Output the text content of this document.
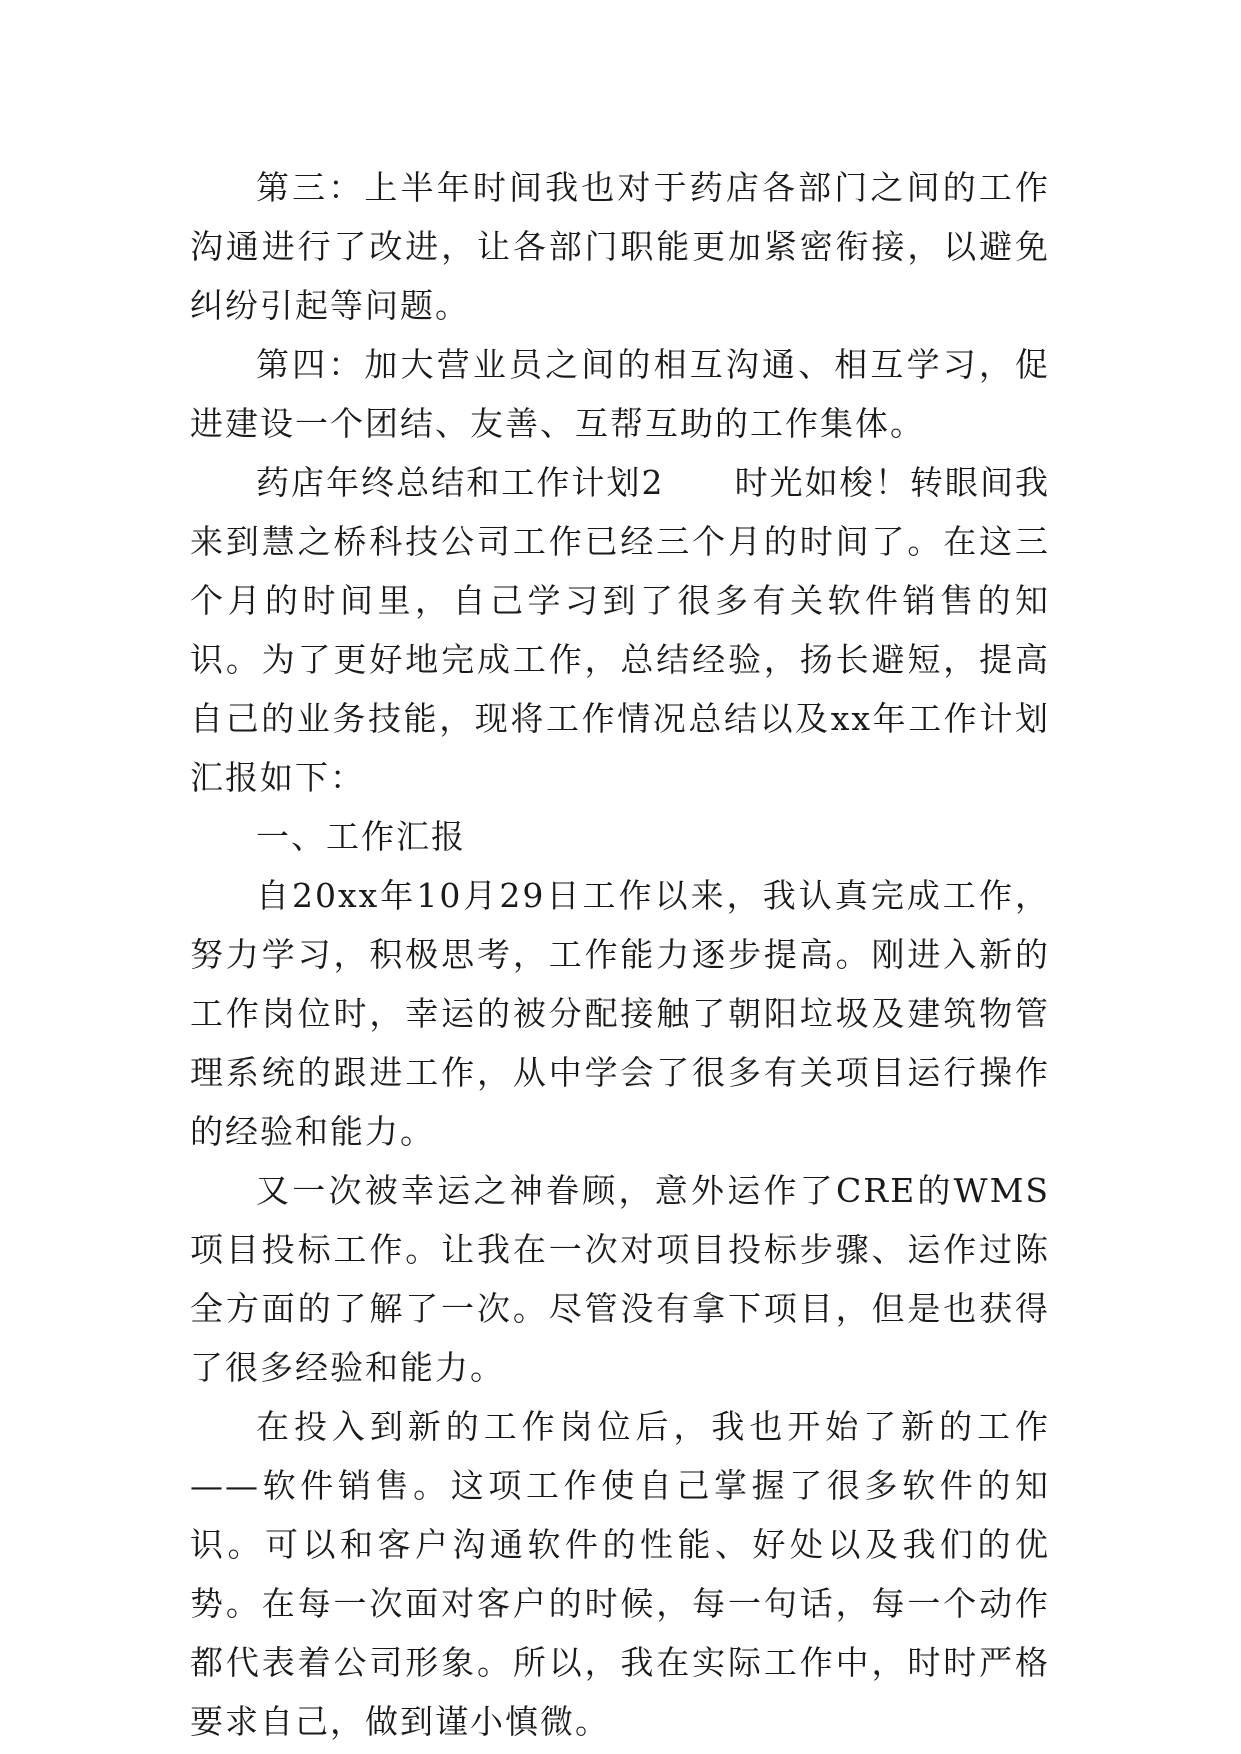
第三：上半年时间我也对于药店各部门之间的工作沟通进行了改进，让各部门职能更加紧密衔接，以避免纠纷引起等问题。

第四：加大营业员之间的相互沟通、相互学习，促进建设一个团结、友善、互帮互助的工作集体。

药店年终总结和工作计划2　　时光如梭！转眼间我来到慧之桥科技公司工作已经三个月的时间了。在这三个月的时间里，自己学习到了很多有关软件销售的知识。为了更好地完成工作，总结经验，扬长避短，提高自己的业务技能，现将工作情况总结以及xx年工作计划汇报如下：

一、工作汇报

自20xx年10月29日工作以来，我认真完成工作，努力学习，积极思考，工作能力逐步提高。刚进入新的工作岗位时，幸运的被分配接触了朝阳垃圾及建筑物管理系统的跟进工作，从中学会了很多有关项目运行操作的经验和能力。

又一次被幸运之神眷顾，意外运作了CRE的WMS项目投标工作。让我在一次对项目投标步骤、运作过陈全方面的了解了一次。尽管没有拿下项目，但是也获得了很多经验和能力。

在投入到新的工作岗位后，我也开始了新的工作——软件销售。这项工作使自己掌握了很多软件的知识。可以和客户沟通软件的性能、好处以及我们的优势。在每一次面对客户的时候，每一句话，每一个动作都代表着公司形象。所以，我在实际工作中，时时严格要求自己，做到谨小慎微。
